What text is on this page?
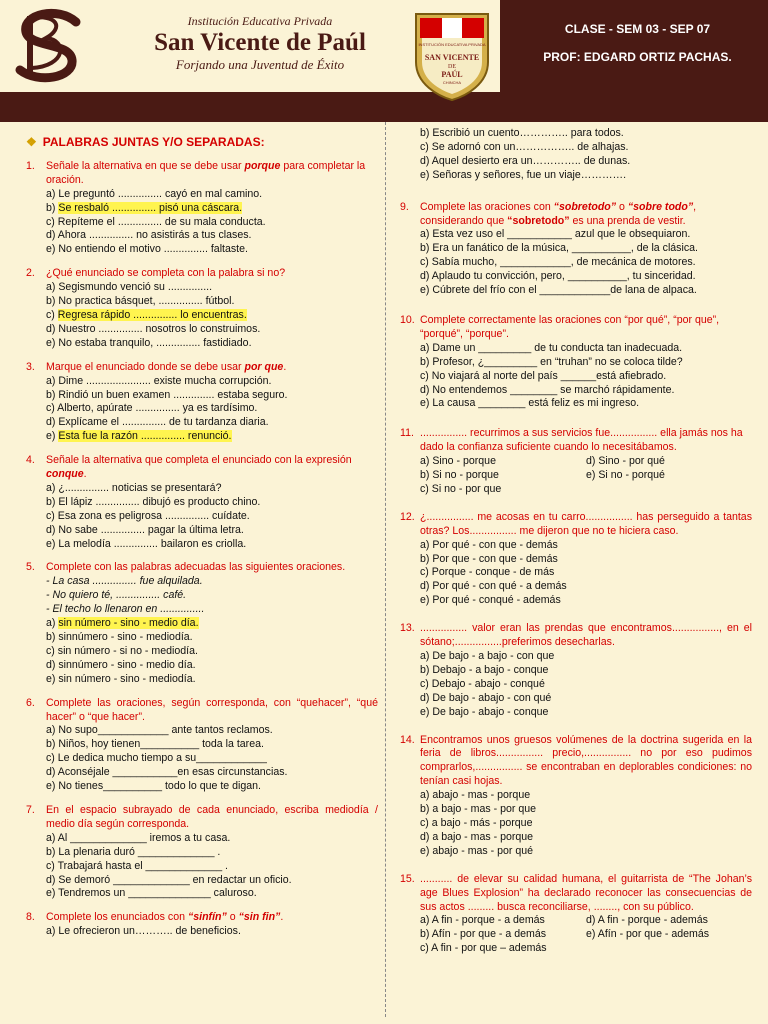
Institución Educativa Privada
San Vicente de Paúl
Forjando una Juventud de Éxito
INSTITUCIÓN EDUCATIVA PRIVADA
SAN VICENTE
DE
PAÚL
CHINCHA
CLASE - SEM 03 - SEP 07
PROF: EDGARD ORTIZ PACHAS.
❖ PALABRAS JUNTAS Y/O SEPARADAS:
1.	Señale la alternativa en que se debe usar porque para completar la oración.
a) Le preguntó ............... cayó en mal camino.
b) Se resbaló ............... pisó una cáscara.
c) Repíteme el ............... de su mala conducta.
d) Ahora ............... no asistirás a tus clases.
e) No entiendo el motivo ............... faltaste.
2.	¿Qué enunciado se completa con la palabra si no?
a) Segismundo venció su ...............
b) No practica básquet, ............... fútbol.
c) Regresa rápido ............... lo encuentras.
d) Nuestro ............... nosotros lo construimos.
e) No estaba tranquilo, ............... fastidiado.
3.	Marque el enunciado donde se debe usar por que.
a) Dime ...................... existe mucha corrupción.
b) Rindió un buen examen .............. estaba seguro.
c) Alberto, apúrate ............... ya es tardísimo.
d) Explícame el ............... de tu tardanza diaria.
e) Esta fue la razón ............... renunció.
4.	Señale la alternativa que completa el enunciado con la expresión conque.
a) ¿............... noticias se presentará?
b) El lápiz ............... dibujó es producto chino.
c) Esa zona es peligrosa ............... cuídate.
d) No sabe ............... pagar la última letra.
e) La melodía ............... bailaron es criolla.
5.	Complete con las palabras adecuadas las siguientes oraciones.
- La casa ............... fue alquilada.
- No quiero té, ............... café.
- El techo lo llenaron en ...............
a) sin número - sino - medio día.
b) sinnúmero - sino - mediodía.
c) sin número - si no - mediodía.
d) sinnúmero - sino - medio día.
e) sin número - sino - mediodía.
6.	Complete las oraciones, según corresponda, con “quehacer”, “qué hacer” o “que hacer”.
a) No supo____________ ante tantos reclamos.
b) Niños, hoy tienen__________ toda la tarea.
c) Le dedica mucho tiempo a su____________
d) Aconséjale ___________en esas circunstancias.
e) No tienes__________ todo lo que te digan.
7.	En el espacio subrayado de cada enunciado, escriba mediodía / medio día según corresponda.
a) Al _____________ iremos a tu casa.
b) La plenaria duró _____________ .
c) Trabajará hasta el _____________ .
d) Se demoró _____________ en redactar un oficio.
e) Tendremos un ______________ caluroso.
8.	Complete los enunciados con “sinfín” o “sin fin”.
a) Le ofrecieron un……….. de beneficios.
b) Escribió un cuento………….. para todos.
c) Se adornó con un…………….. de alhajas.
d) Aquel desierto era un………….. de dunas.
e) Señoras y señores, fue un viaje………….
9.	Complete las oraciones con “sobretodo” o “sobre todo”, considerando que “sobretodo” es una prenda de vestir.
a) Esta vez uso el ___________ azul que le obsequiaron.
b) Era un fanático de la música, __________, de la clásica.
c) Sabía mucho, ____________, de mecánica de motores.
d) Aplaudo tu convicción, pero, __________, tu sinceridad.
e) Cúbrete del frío con el ____________de lana de alpaca.
10. Complete correctamente las oraciones con “por qué”, “por que”, “porqué”, “porque”.
a) Dame un _________ de tu conducta tan inadecuada.
b) Profesor, ¿_________ en “truhan” no se coloca tilde?
c) No viajará al norte del país ______está afiebrado.
d) No entendemos ________ se marchó rápidamente.
e) La causa ________ está feliz es mi ingreso.
11. ................ recurrimos a sus servicios fue................ ella jamás nos ha dado la confianza suficiente cuando lo necesitábamos.
a) Sino - porque	d) Sino - por qué
b) Si no - porque	e) Si no - porqué
c) Si no - por que
12. ¿................ me acosas en tu carro................ has perseguido a tantas otras? Los................ me dijeron que no te hiciera caso.
a) Por qué - con que - demás
b) Por que - con que - demás
c) Porque - conque - de más
d) Por qué - con qué - a demás
e) Por qué - conqué - además
13. ................ valor eran las prendas que encontramos................, en el sótano;................preferimos desecharlas.
a) De bajo - a bajo - con que
b) Debajo - a bajo - conque
c) Debajo - abajo - conqué
d) De bajo - abajo - con qué
e) De bajo - abajo - conque
14. Encontramos unos gruesos volúmenes de la doctrina sugerida en la feria de libros................ precio,................ no por eso pudimos comprarlos,................ se encontraban en deplorables condiciones: no tenían casi hojas.
a) abajo - mas - porque
b) a bajo - mas - por que
c) a bajo - más - porque
d) a bajo - mas - porque
e) abajo - mas - por qué
15. ........... de elevar su calidad humana, el guitarrista de “The Johan’s age Blues Explosion” ha declarado reconocer las consecuencias de sus actos ......... busca reconciliarse, ........, con su público.
a) A fin - porque - a demás	d) A fin - porque - además
b) Afín - por que - a demás	e) Afín - por que - además
c) A fin - por que – además
